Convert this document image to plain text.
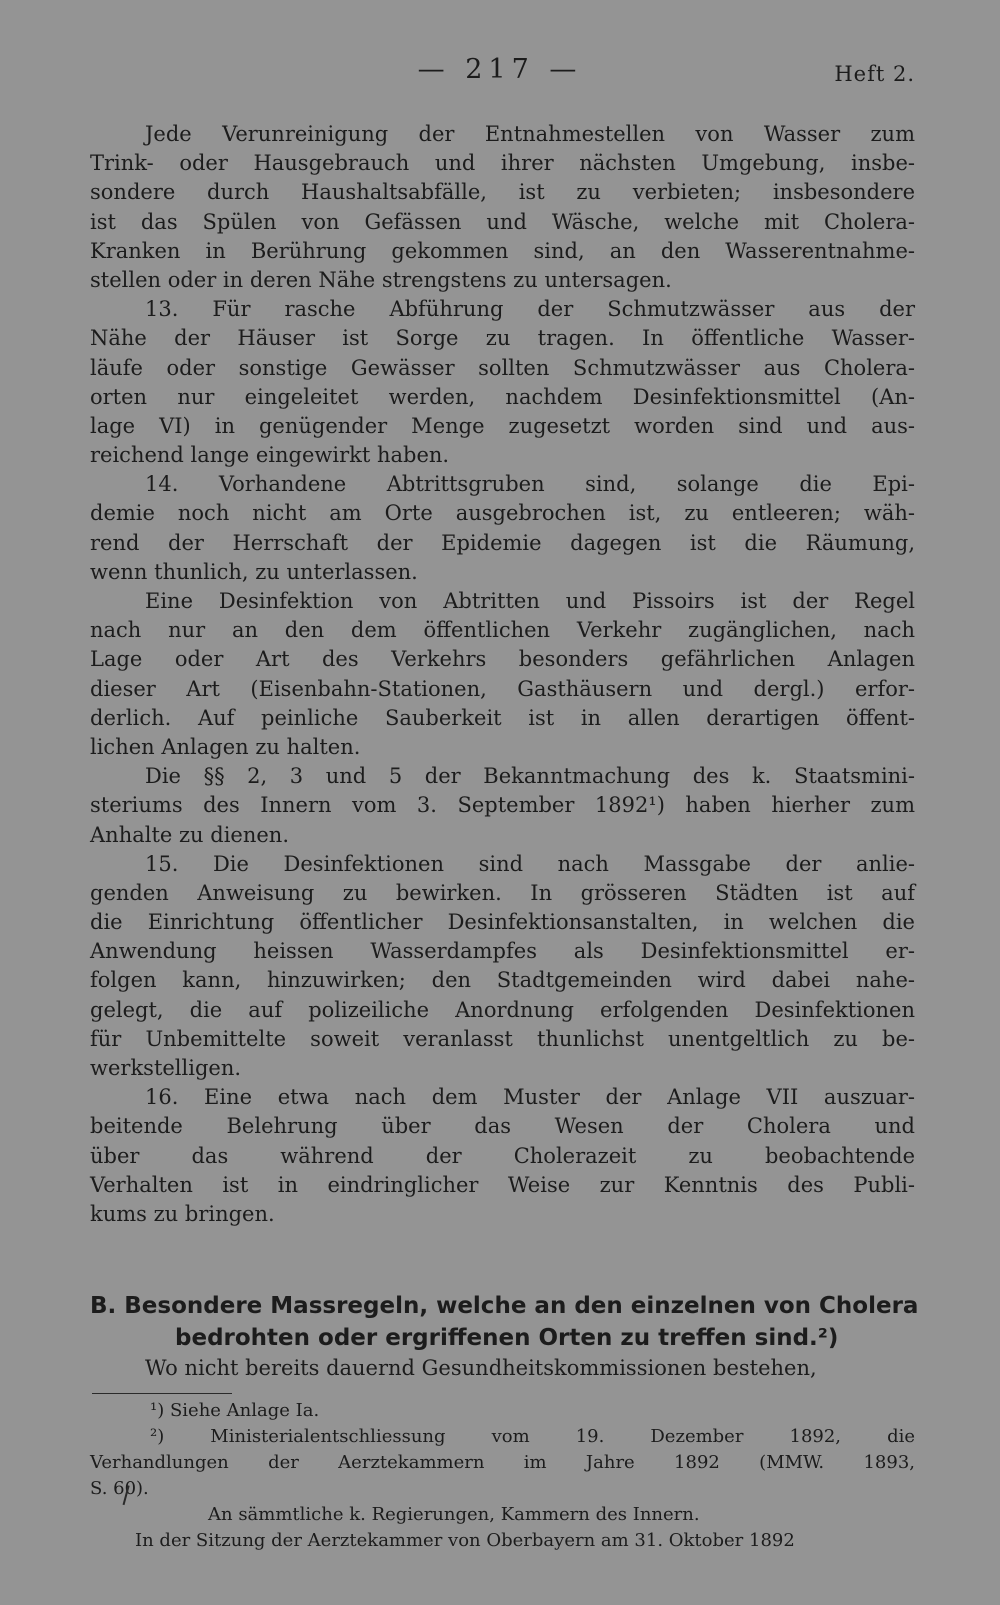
— 217 —	Heft 2.
Jede Verunreinigung der Entnahmestellen von Wasser zum
Trink- oder Hausgebrauch und ihrer nächsten Umgebung, insbe-
sondere durch Haushaltsabfälle, ist zu verbieten; insbesondere
ist das Spülen von Gefässen und Wäsche, welche mit Cholera-
Kranken in Berührung gekommen sind, an den Wasserentnahme-
stellen oder in deren Nähe strengstens zu untersagen.
13. Für rasche Abführung der Schmutzwässer aus der
Nähe der Häuser ist Sorge zu tragen. In öffentliche Wasser-
läufe oder sonstige Gewässer sollten Schmutzwässer aus Cholera-
orten nur eingeleitet werden, nachdem Desinfektionsmittel (An-
lage VI) in genügender Menge zugesetzt worden sind und aus-
reichend lange eingewirkt haben.
14. Vorhandene Abtrittsgruben sind, solange die Epi-
demie noch nicht am Orte ausgebrochen ist, zu entleeren; wäh-
rend der Herrschaft der Epidemie dagegen ist die Räumung,
wenn thunlich, zu unterlassen.
Eine Desinfektion von Abtritten und Pissoirs ist der Regel
nach nur an den dem öffentlichen Verkehr zugänglichen, nach
Lage oder Art des Verkehrs besonders gefährlichen Anlagen
dieser Art (Eisenbahn-Stationen, Gasthäusern und dergl.) erfor-
derlich. Auf peinliche Sauberkeit ist in allen derartigen öffent-
lichen Anlagen zu halten.
Die §§ 2, 3 und 5 der Bekanntmachung des k. Staatsmini-
steriums des Innern vom 3. September 1892¹) haben hierher zum
Anhalte zu dienen.
15. Die Desinfektionen sind nach Massgabe der anlie-
genden Anweisung zu bewirken. In grösseren Städten ist auf
die Einrichtung öffentlicher Desinfektionsanstalten, in welchen die
Anwendung heissen Wasserdampfes als Desinfektionsmittel er-
folgen kann, hinzuwirken; den Stadtgemeinden wird dabei nahe-
gelegt, die auf polizeiliche Anordnung erfolgenden Desinfektionen
für Unbemittelte soweit veranlasst thunlichst unentgeltlich zu be-
werkstelligen.
16. Eine etwa nach dem Muster der Anlage VII auszuar-
beitende Belehrung über das Wesen der Cholera und
über das während der Cholerazeit zu beobachtende
Verhalten ist in eindringlicher Weise zur Kenntnis des Publi-
kums zu bringen.
B. Besondere Massregeln, welche an den einzelnen von Cholera
bedrohten oder ergriffenen Orten zu treffen sind.²)
Wo nicht bereits dauernd Gesundheitskommissionen bestehen,
¹) Siehe Anlage Ia.
²) Ministerialentschliessung vom 19. Dezember 1892, die
Verhandlungen der Aerztekammern im Jahre 1892 (MMW. 1893,
S. 60).
An sämmtliche k. Regierungen, Kammern des Innern.
In der Sitzung der Aerztekammer von Oberbayern am 31. Oktober 1892
